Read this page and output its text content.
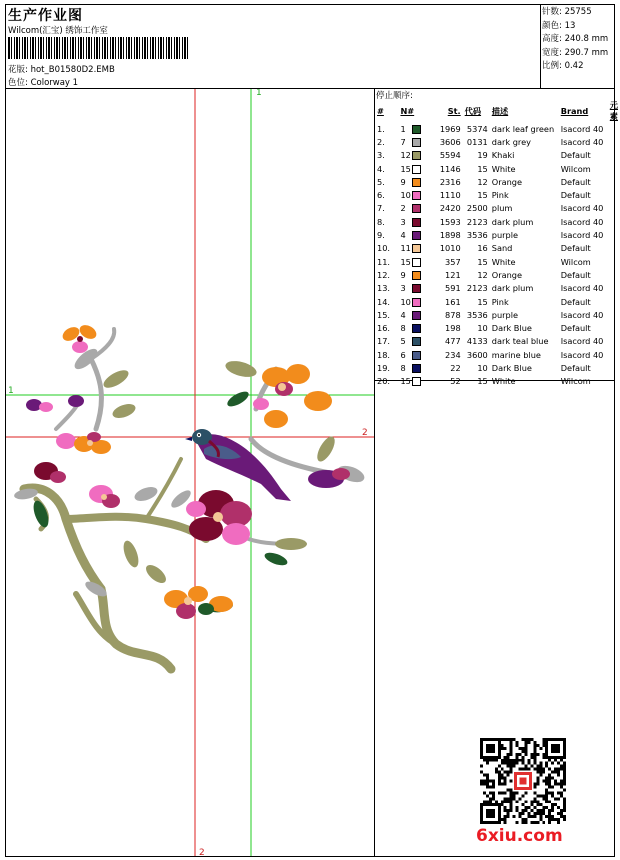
生产作业图
Wilcom(汇宝) 绣饰工作室
花版: hot_B01580D2.EMB
色位: Colorway 1
针数: 25755
颜色: 13
高度: 240.8 mm
宽度: 290.7 mm
比例: 0.42
1
1
2
2
停止顺序:
#	N#	St.	代码	描述	Brand	元素
1.	1	1969	5374	dark leaf green	Isacord 40	
2.	7	3606	0131	dark grey	Isacord 40	
3.	12	5594	19	Khaki	Default	
4.	15	1146	15	White	Wilcom	
5.	9	2316	12	Orange	Default	
6.	10	1110	15	Pink	Default	
7.	2	2420	2500	plum	Isacord 40	
8.	3	1593	2123	dark plum	Isacord 40	
9.	4	1898	3536	purple	Isacord 40	
10.	11	1010	16	Sand	Default	
11.	15	357	15	White	Wilcom	
12.	9	121	12	Orange	Default	
13.	3	591	2123	dark plum	Isacord 40	
14.	10	161	15	Pink	Default	
15.	4	878	3536	purple	Isacord 40	
16.	8	198	10	Dark Blue	Default	
17.	5	477	4133	dark teal blue	Isacord 40	
18.	6	234	3600	marine blue	Isacord 40	
19.	8	22	10	Dark Blue	Default	
20.	15	52	15	White	Wilcom	
6xiu.com
